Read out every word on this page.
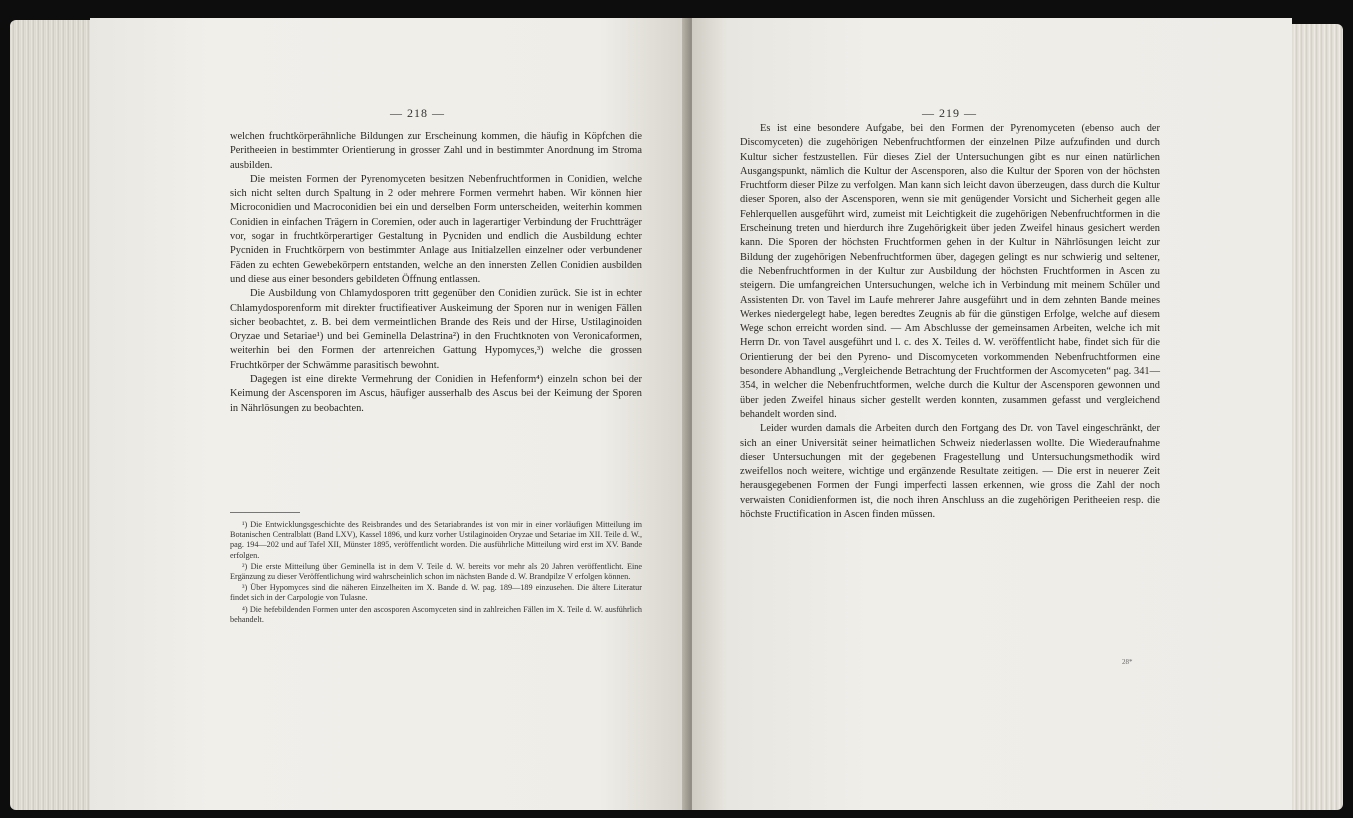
— 218 —

welchen fruchtkörperähnliche Bildungen zur Erscheinung kommen, die häufig in Köpfchen die Peritheeien in bestimmter Orientierung in grosser Zahl und in bestimmter Anordnung im Stroma ausbilden.

Die meisten Formen der Pyrenomyceten besitzen Nebenfruchtformen in Conidien, welche sich nicht selten durch Spaltung in 2 oder mehrere Formen vermehrt haben. Wir können hier Microconidien und Macroconidien bei ein und derselben Form unterscheiden, weiterhin kommen Conidien in einfachen Trägern in Coremien, oder auch in lagerartiger Verbindung der Fruchtträger vor, sogar in fruchtkörperartiger Gestaltung in Pycniden und endlich die Ausbildung echter Pycniden in Fruchtkörpern von bestimmter Anlage aus Initialzellen einzelner oder verbundener Fäden zu echten Gewebekörpern entstanden, welche an den innersten Zellen Conidien ausbilden und diese aus einer besonders gebildeten Öffnung entlassen.

Die Ausbildung von Chlamydosporen tritt gegenüber den Conidien zurück. Sie ist in echter Chlamydosporenform mit direkter fructifieativer Auskeimung der Sporen nur in wenigen Fällen sicher beobachtet, z. B. bei dem vermeintlichen Brande des Reis und der Hirse, Ustilaginoiden Oryzae und Setariae¹) und bei Geminella Delastrina²) in den Fruchtknoten von Veronicaformen, weiterhin bei den Formen der artenreichen Gattung Hypomyces,³) welche die grossen Fruchtkörper der Schwämme parasitisch bewohnt.

Dagegen ist eine direkte Vermehrung der Conidien in Hefenform⁴) einzeln schon bei der Keimung der Ascensporen im Ascus, häufiger ausserhalb des Ascus bei der Keimung der Sporen in Nährlösungen zu beobachten.

¹) Die Entwicklungsgeschichte des Reisbrandes und des Setariabrandes ist von mir in einer vorläufigen Mitteilung im Botanischen Centralblatt (Band LXV), Kassel 1896, und kurz vorher Ustilaginoiden Oryzae und Setariae im XII. Teile d. W., pag. 194—202 und auf Tafel XII, Münster 1895, veröffentlicht worden. Die ausführliche Mitteilung wird erst im XV. Bande erfolgen.

²) Die erste Mitteilung über Geminella ist in dem V. Teile d. W. bereits vor mehr als 20 Jahren veröffentlicht. Eine Ergänzung zu dieser Veröffentlichung wird wahrscheinlich schon im nächsten Bande d. W. Brandpilze V erfolgen können.

³) Über Hypomyces sind die näheren Einzelheiten im X. Bande d. W. pag. 189—189 einzusehen. Die ältere Literatur findet sich in der Carpologie von Tulasne.

⁴) Die hefebildenden Formen unter den ascosporen Ascomyceten sind in zahlreichen Fällen im X. Teile d. W. ausführlich behandelt.

— 219 —

Es ist eine besondere Aufgabe, bei den Formen der Pyrenomyceten (ebenso auch der Discomyceten) die zugehörigen Nebenfruchtformen der einzelnen Pilze aufzufinden und durch Kultur sicher festzustellen. Für dieses Ziel der Untersuchungen gibt es nur einen natürlichen Ausgangspunkt, nämlich die Kultur der Ascensporen, also die Kultur der Sporen von der höchsten Fruchtform dieser Pilze zu verfolgen. Man kann sich leicht davon überzeugen, dass durch die Kultur dieser Sporen, also der Ascensporen, wenn sie mit genügender Vorsicht und Sicherheit gegen alle Fehlerquellen ausgeführt wird, zumeist mit Leichtigkeit die zugehörigen Nebenfruchtformen in die Erscheinung treten und hierdurch ihre Zugehörigkeit über jeden Zweifel hinaus gesichert werden kann. Die Sporen der höchsten Fruchtformen gehen in der Kultur in Nährlösungen leicht zur Bildung der zugehörigen Nebenfruchtformen über, dagegen gelingt es nur schwierig und seltener, die Nebenfruchtformen in der Kultur zur Ausbildung der höchsten Fruchtformen in Ascen zu steigern. Die umfangreichen Untersuchungen, welche ich in Verbindung mit meinem Schüler und Assistenten Dr. von Tavel im Laufe mehrerer Jahre ausgeführt und in dem zehnten Bande meines Werkes niedergelegt habe, legen beredtes Zeugnis ab für die günstigen Erfolge, welche auf diesem Wege schon erreicht worden sind. — Am Abschlusse der gemeinsamen Arbeiten, welche ich mit Herrn Dr. von Tavel ausgeführt und l. c. des X. Teiles d. W. veröffentlicht habe, findet sich für die Orientierung der bei den Pyreno- und Discomyceten vorkommenden Nebenfruchtformen eine besondere Abhandlung „Vergleichende Betrachtung der Fruchtformen der Ascomyceten“ pag. 341—354, in welcher die Nebenfruchtformen, welche durch die Kultur der Ascensporen gewonnen und über jeden Zweifel hinaus sicher gestellt werden konnten, zusammen gefasst und vergleichend behandelt worden sind.

Leider wurden damals die Arbeiten durch den Fortgang des Dr. von Tavel eingeschränkt, der sich an einer Universität seiner heimatlichen Schweiz niederlassen wollte. Die Wiederaufnahme dieser Untersuchungen mit der gegebenen Fragestellung und Untersuchungsmethodik wird zweifellos noch weitere, wichtige und ergänzende Resultate zeitigen. — Die erst in neuerer Zeit herausgegebenen Formen der Fungi imperfecti lassen erkennen, wie gross die Zahl der noch verwaisten Conidienformen ist, die noch ihren Anschluss an die zugehörigen Peritheeien resp. die höchste Fructification in Ascen finden müssen.

28*
